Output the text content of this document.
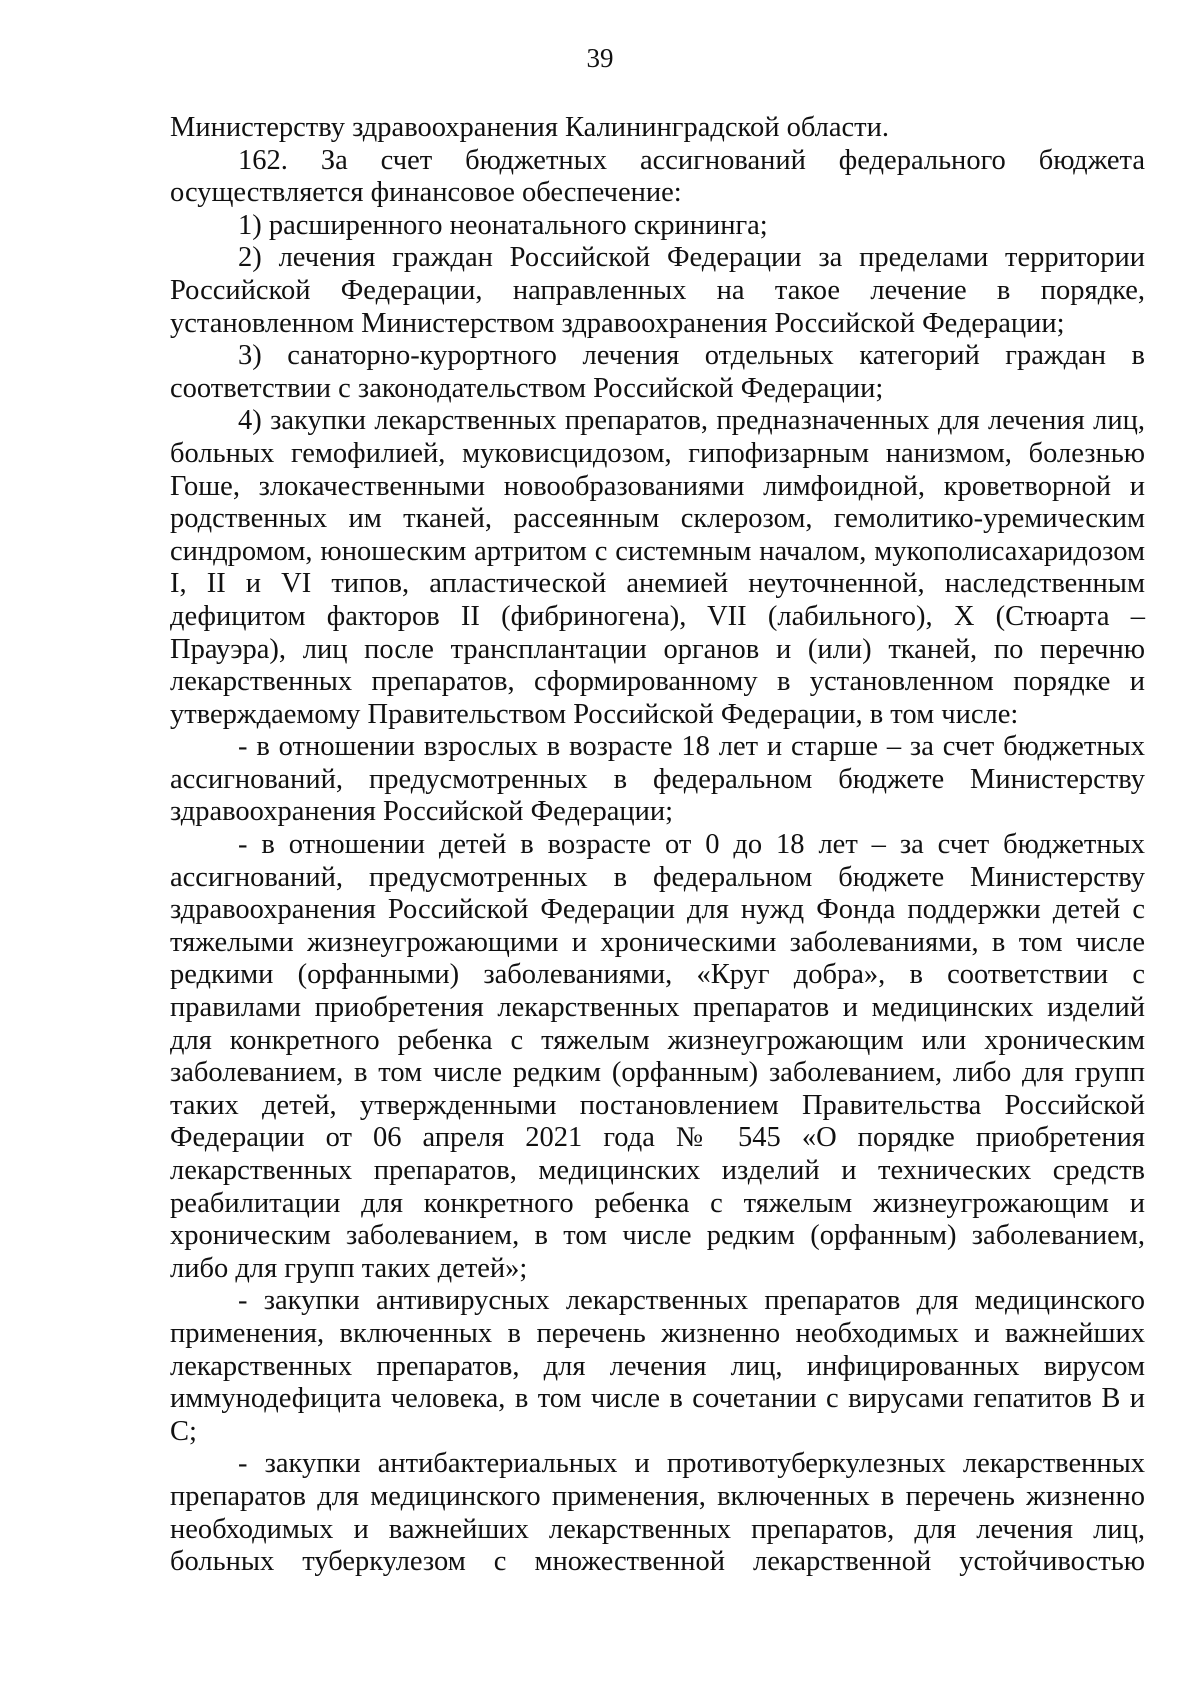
39

Министерству здравоохранения Калининградской области.

162. За счет бюджетных ассигнований федерального бюджета осуществляется финансовое обеспечение:

1) расширенного неонатального скрининга;

2) лечения граждан Российской Федерации за пределами территории Российской Федерации, направленных на такое лечение в порядке, установленном Министерством здравоохранения Российской Федерации;

3) санаторно-курортного лечения отдельных категорий граждан в соответствии с законодательством Российской Федерации;

4) закупки лекарственных препаратов, предназначенных для лечения лиц, больных гемофилией, муковисцидозом, гипофизарным нанизмом, болезнью Гоше, злокачественными новообразованиями лимфоидной, кроветворной и родственных им тканей, рассеянным склерозом, гемолитико-уремическим синдромом, юношеским артритом с системным началом, мукополисахаридозом I, II и VI типов, апластической анемией неуточненной, наследственным дефицитом факторов II (фибриногена), VII (лабильного), X (Стюарта – Прауэра), лиц после трансплантации органов и (или) тканей, по перечню лекарственных препаратов, сформированному в установленном порядке и утверждаемому Правительством Российской Федерации, в том числе:

- в отношении взрослых в возрасте 18 лет и старше – за счет бюджетных ассигнований, предусмотренных в федеральном бюджете Министерству здравоохранения Российской Федерации;

- в отношении детей в возрасте от 0 до 18 лет – за счет бюджетных ассигнований, предусмотренных в федеральном бюджете Министерству здравоохранения Российской Федерации для нужд Фонда поддержки детей с тяжелыми жизнеугрожающими и хроническими заболеваниями, в том числе редкими (орфанными) заболеваниями, «Круг добра», в соответствии с правилами приобретения лекарственных препаратов и медицинских изделий для конкретного ребенка с тяжелым жизнеугрожающим или хроническим заболеванием, в том числе редким (орфанным) заболеванием, либо для групп таких детей, утвержденными постановлением Правительства Российской Федерации от 06 апреля 2021 года № 545 «О порядке приобретения лекарственных препаратов, медицинских изделий и технических средств реабилитации для конкретного ребенка с тяжелым жизнеугрожающим и хроническим заболеванием, в том числе редким (орфанным) заболеванием, либо для групп таких детей»;

- закупки антивирусных лекарственных препаратов для медицинского применения, включенных в перечень жизненно необходимых и важнейших лекарственных препаратов, для лечения лиц, инфицированных вирусом иммунодефицита человека, в том числе в сочетании с вирусами гепатитов B и C;

- закупки антибактериальных и противотуберкулезных лекарственных препаратов для медицинского применения, включенных в перечень жизненно необходимых и важнейших лекарственных препаратов, для лечения лиц, больных туберкулезом с множественной лекарственной устойчивостью
